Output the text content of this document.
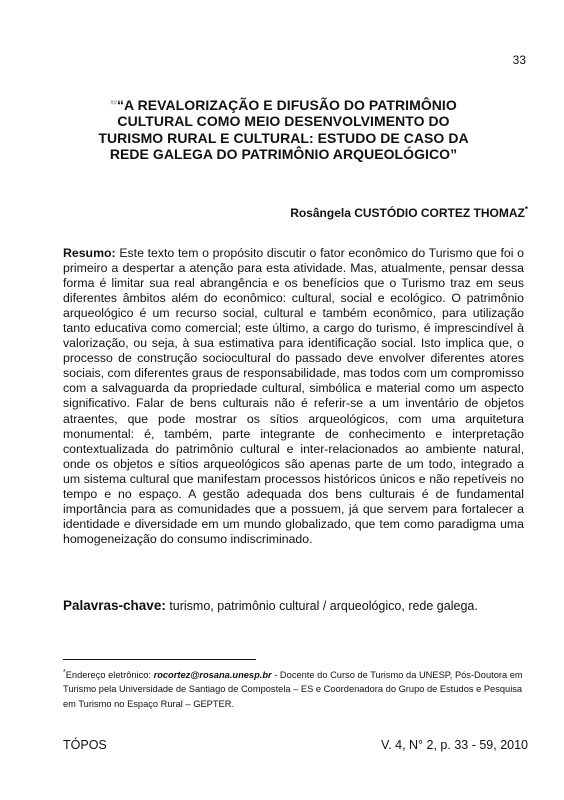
33
##“A REVALORIZAÇÃO E DIFUSÃO DO PATRIMÔNIO
CULTURAL COMO MEIO DESENVOLVIMENTO DO
TURISMO RURAL E CULTURAL: ESTUDO DE CASO DA
REDE GALEGA DO PATRIMÔNIO ARQUEOLÓGICO”
Rosângela CUSTÓDIO CORTEZ THOMAZ*

Resumo: Este texto tem o propósito discutir o fator econômico do Turismo que foi o primeiro a despertar a atenção para esta atividade. Mas, atualmente, pensar dessa forma é limitar sua real abrangência e os benefícios que o Turismo traz em seus diferentes âmbitos além do econômico: cultural, social e ecológico. O patrimônio arqueológico é um recurso social, cultural e também econômico, para utilização tanto educativa como comercial; este último, a cargo do turismo, é imprescindível à valorização, ou seja, à sua estimativa para identificação social. Isto implica que, o processo de construção sociocultural do passado deve envolver diferentes atores sociais, com diferentes graus de responsabilidade, mas todos com um compromisso com a salvaguarda da propriedade cultural, simbólica e material como um aspecto significativo. Falar de bens culturais não é referir-se a um inventário de objetos atraentes, que pode mostrar os sítios arqueológicos, com uma arquitetura monumental: é, também, parte integrante de conhecimento e interpretação contextualizada do patrimônio cultural e inter-relacionados ao ambiente natural, onde os objetos e sítios arqueológicos são apenas parte de um todo, integrado a um sistema cultural que manifestam processos históricos únicos e não repetíveis no tempo e no espaço. A gestão adequada dos bens culturais é de fundamental importância para as comunidades que a possuem, já que servem para fortalecer a identidade e diversidade em um mundo globalizado, que tem como paradigma uma homogeneização do consumo indiscriminado.

Palavras-chave: turismo, patrimônio cultural / arqueológico, rede galega.

*Endereço eletrônico: rocortez@rosana.unesp.br - Docente do Curso de Turismo da UNESP, Pós-Doutora em Turismo pela Universidade de Santiago de Compostela – ES e Coordenadora do Grupo de Estudos e Pesquisa em Turismo no Espaço Rural – GEPTER.

TÓPOS	V. 4, N° 2, p. 33 - 59, 2010
